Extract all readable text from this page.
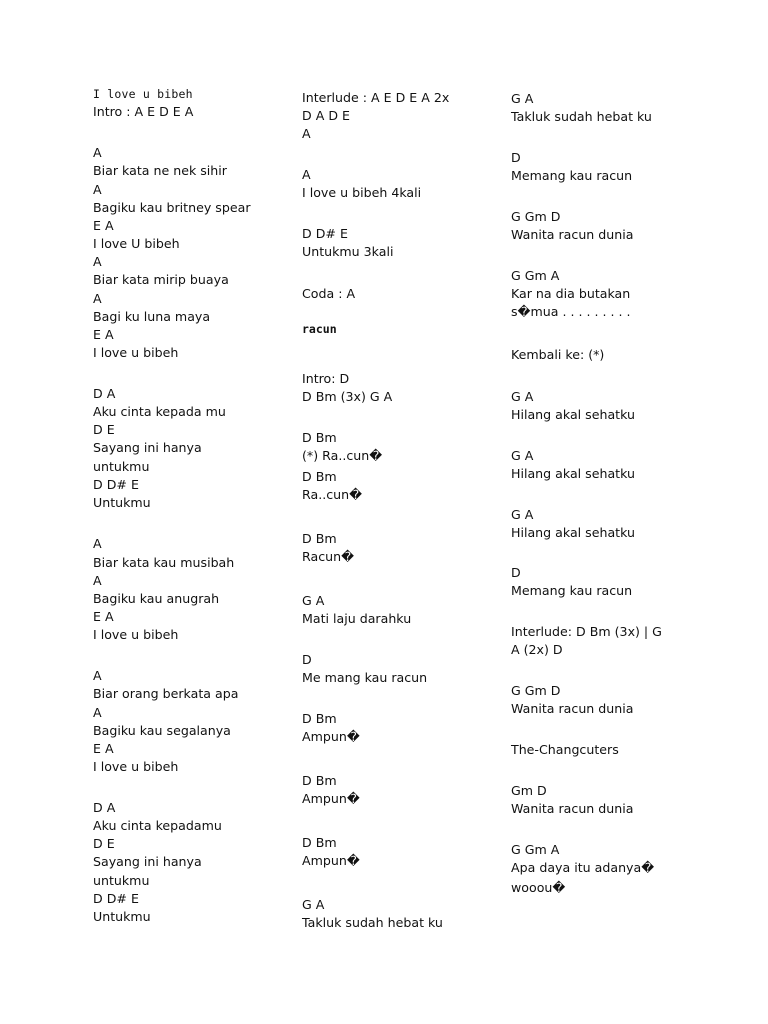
I love u bibeh
Intro : A E D E A
A
Biar kata ne nek sihir
A
Bagiku kau britney spear
E A
I love U bibeh
A
Biar kata mirip buaya
A
Bagi ku luna maya
E A
I love u bibeh
D A
Aku cinta kepada mu
D E
Sayang ini hanya
untukmu
D D# E
Untukmu
A
Biar kata kau musibah
A
Bagiku kau anugrah
E A
I love u bibeh
A
Biar orang berkata apa
A
Bagiku kau segalanya
E A
I love u bibeh
D A
Aku cinta kepadamu
D E
Sayang ini hanya
untukmu
D D# E
Untukmu
Interlude : A E D E A 2x
D A D E
A
A
I love u bibeh 4kali
D D# E
Untukmu 3kali
Coda : A
racun
Intro: D
D Bm (3x) G A
D Bm
(*) Ra..cun�
D Bm
Ra..cun�
D Bm
Racun�
G A
Mati laju darahku
D
Me mang kau racun
D Bm
Ampun�
D Bm
Ampun�
D Bm
Ampun�
G A
Takluk sudah hebat ku
G A
Takluk sudah hebat ku
D
Memang kau racun
G Gm D
Wanita racun dunia
G Gm A
Kar na dia butakan
s�mua . . . . . . . . .
Kembali ke: (*)
G A
Hilang akal sehatku
G A
Hilang akal sehatku
G A
Hilang akal sehatku
D
Memang kau racun
Interlude: D Bm (3x) | G
A (2x) D
G Gm D
Wanita racun dunia
The-Changcuters
Gm D
Wanita racun dunia
G Gm A
Apa daya itu adanya�
wooou�
